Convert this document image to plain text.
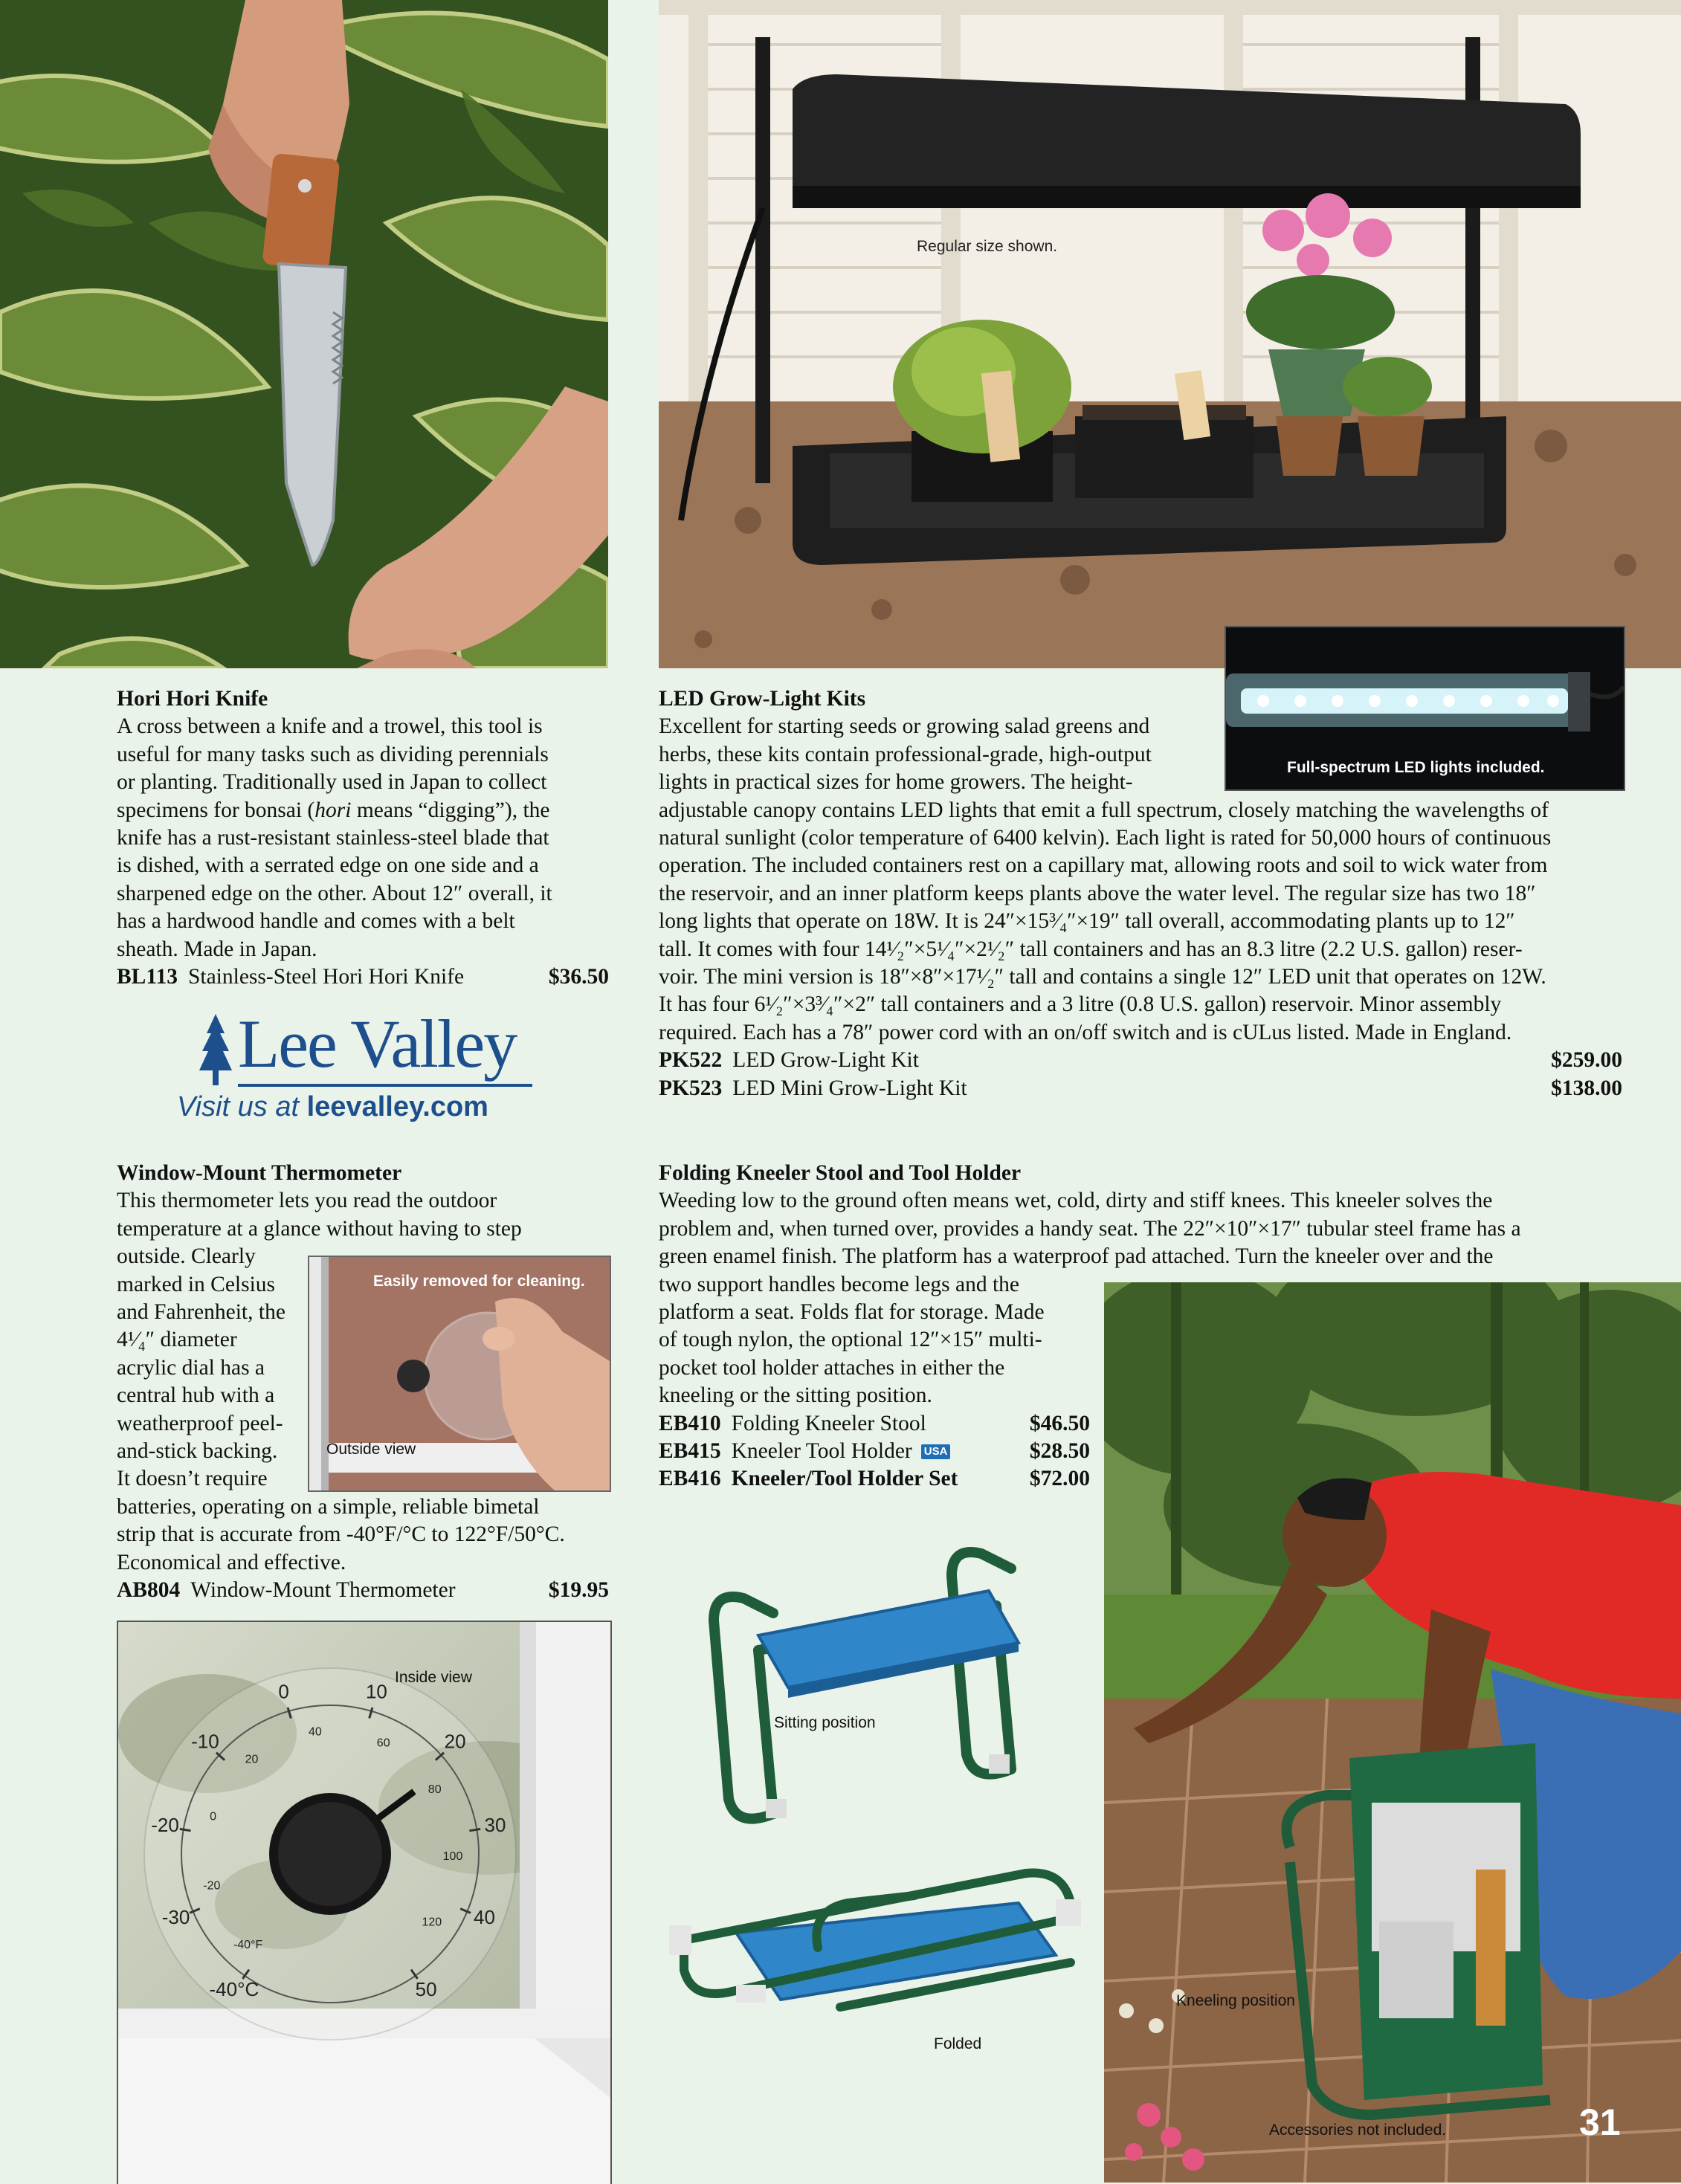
Regular size shown.
Full-spectrum LED lights included.
Hori Hori Knife
A cross between a knife and a trowel, this tool is
useful for many tasks such as dividing perennials
or planting. Traditionally used in Japan to collect
specimens for bonsai (hori means “digging”), the
knife has a rust-resistant stainless-steel blade that
is dished, with a serrated edge on one side and a
sharpened edge on the other. About 12″ overall, it
has a hardwood handle and comes with a belt
sheath. Made in Japan.
BL113 Stainless-Steel Hori Hori Knife	$36.50
Lee Valley
Visit us at leevalley.com
LED Grow-Light Kits
Excellent for starting seeds or growing salad greens and
herbs, these kits contain professional-grade, high-output
lights in practical sizes for home growers. The height-
adjustable canopy contains LED lights that emit a full spectrum, closely matching the wavelengths of
natural sunlight (color temperature of 6400 kelvin). Each light is rated for 50,000 hours of continuous
operation. The included containers rest on a capillary mat, allowing roots and soil to wick water from
the reservoir, and an inner platform keeps plants above the water level. The regular size has two 18″
long lights that operate on 18W. It is 24″×15³⁄₄″×19″ tall overall, accommodating plants up to 12″
tall. It comes with four 14¹⁄₂″×5¹⁄₄″×2¹⁄₂″ tall containers and has an 8.3 litre (2.2 U.S. gallon) reser-
voir. The mini version is 18″×8″×17¹⁄₂″ tall and contains a single 12″ LED unit that operates on 12W.
It has four 6¹⁄₂″×3³⁄₄″×2″ tall containers and a 3 litre (0.8 U.S. gallon) reservoir. Minor assembly
required. Each has a 78″ power cord with an on/off switch and is cULus listed. Made in England.
PK522 LED Grow-Light Kit	$259.00
PK523 LED Mini Grow-Light Kit	$138.00
Window-Mount Thermometer
This thermometer lets you read the outdoor
temperature at a glance without having to step
outside. Clearly
marked in Celsius
and Fahrenheit, the
4¹⁄₄″ diameter
acrylic dial has a
central hub with a
weatherproof peel-
and-stick backing.
It doesn’t require
batteries, operating on a simple, reliable bimetal
strip that is accurate from -40°F/°C to 122°F/50°C.
Economical and effective.
AB804 Window-Mount Thermometer	$19.95
Easily removed for cleaning.
Outside view
-40°C
-30
-20
-10
0	10
20
30
40
50
-40°F
-20
0
20
40
60
80
100
120
Inside view
Folding Kneeler Stool and Tool Holder
Weeding low to the ground often means wet, cold, dirty and stiff knees. This kneeler solves the
problem and, when turned over, provides a handy seat. The 22″×10″×17″ tubular steel frame has a
green enamel finish. The platform has a waterproof pad attached. Turn the kneeler over and the
two support handles become legs and the
platform a seat. Folds flat for storage. Made
of tough nylon, the optional 12″×15″ multi-
pocket tool holder attaches in either the
kneeling or the sitting position.
EB410 Folding Kneeler Stool	$46.50
EB415 Kneeler Tool Holder USA	$28.50
EB416 Kneeler/Tool Holder Set	$72.00
Sitting position
Folded
Kneeling position
Accessories not included.	31
